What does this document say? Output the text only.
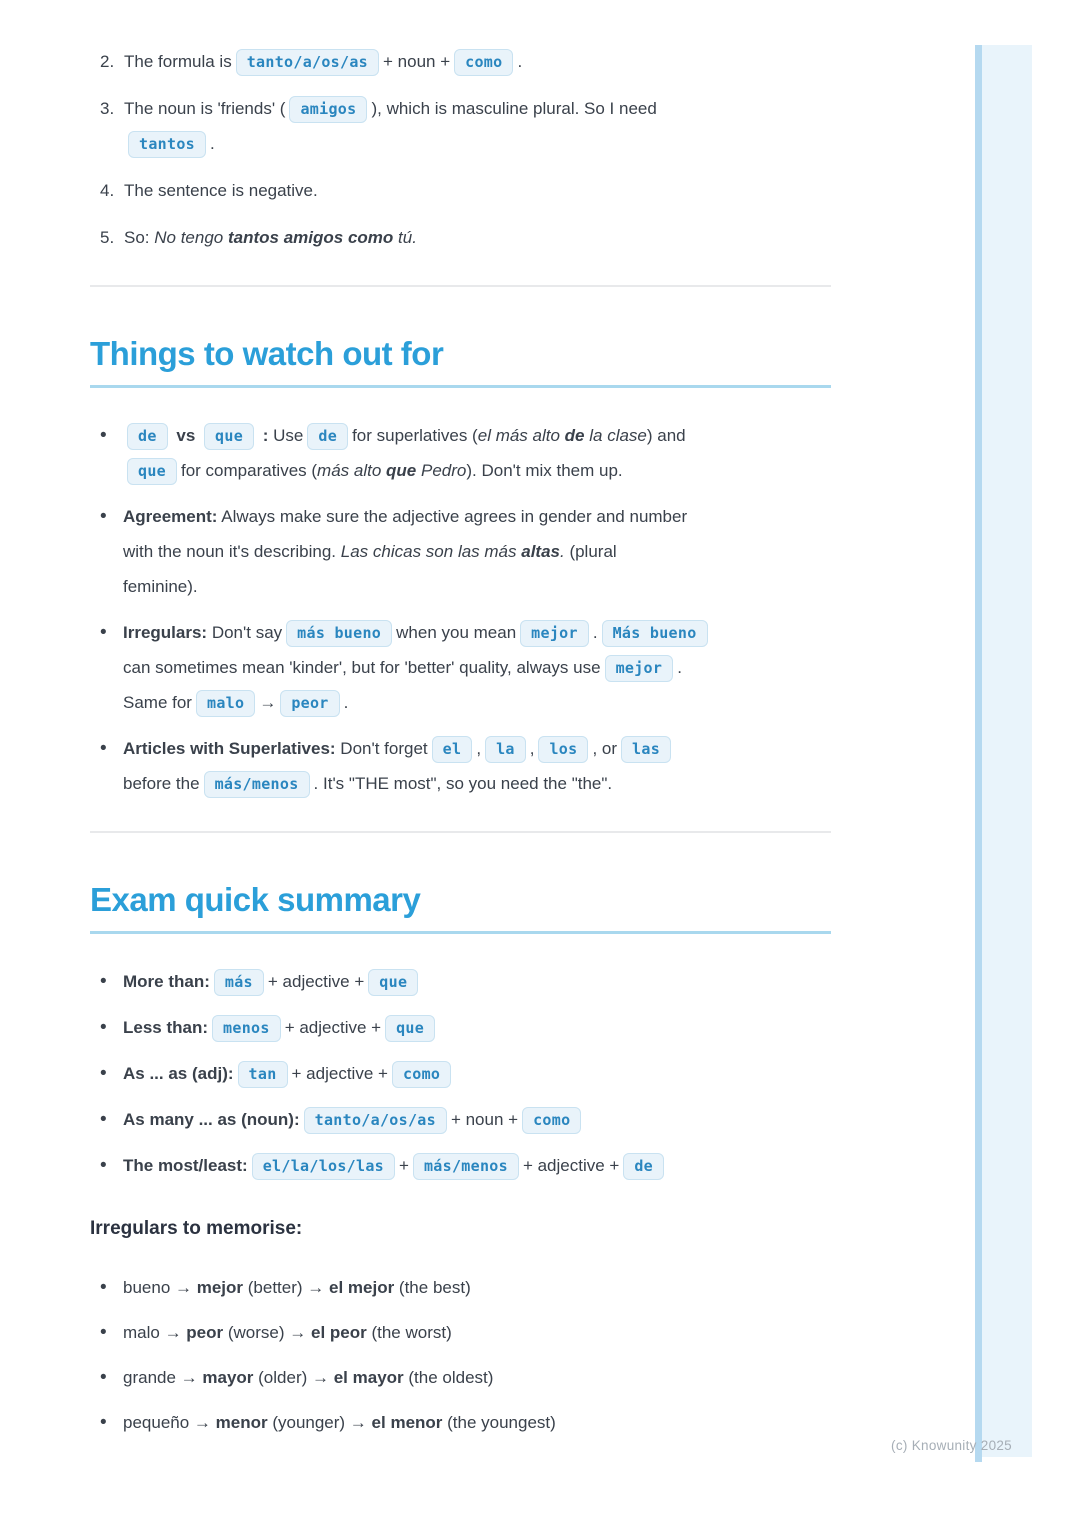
2. The formula is tanto/a/os/as + noun + como .
3. The noun is 'friends' ( amigos ), which is masculine plural. So I need
tantos .
4. The sentence is negative.
5. So: No tengo tantos amigos como tú.
Things to watch out for
• de vs que : Use de for superlatives (el más alto de la clase) and
que for comparatives (más alto que Pedro). Don't mix them up.
• Agreement: Always make sure the adjective agrees in gender and number
with the noun it's describing. Las chicas son las más altas. (plural
feminine).
• Irregulars: Don't say más bueno when you mean mejor . Más bueno
can sometimes mean 'kinder', but for 'better' quality, always use mejor .
Same for malo → peor .
• Articles with Superlatives: Don't forget el , la , los , or las
before the más/menos . It's "THE most", so you need the "the".
Exam quick summary
• More than: más + adjective + que
• Less than: menos + adjective + que
• As ... as (adj): tan + adjective + como
• As many ... as (noun): tanto/a/os/as + noun + como
• The most/least: el/la/los/las + más/menos + adjective + de

Irregulars to memorise:

• bueno → mejor (better) → el mejor (the best)
• malo → peor (worse) → el peor (the worst)
• grande → mayor (older) → el mayor (the oldest)
• pequeño → menor (younger) → el menor (the youngest)
(c) Knowunity 2025
